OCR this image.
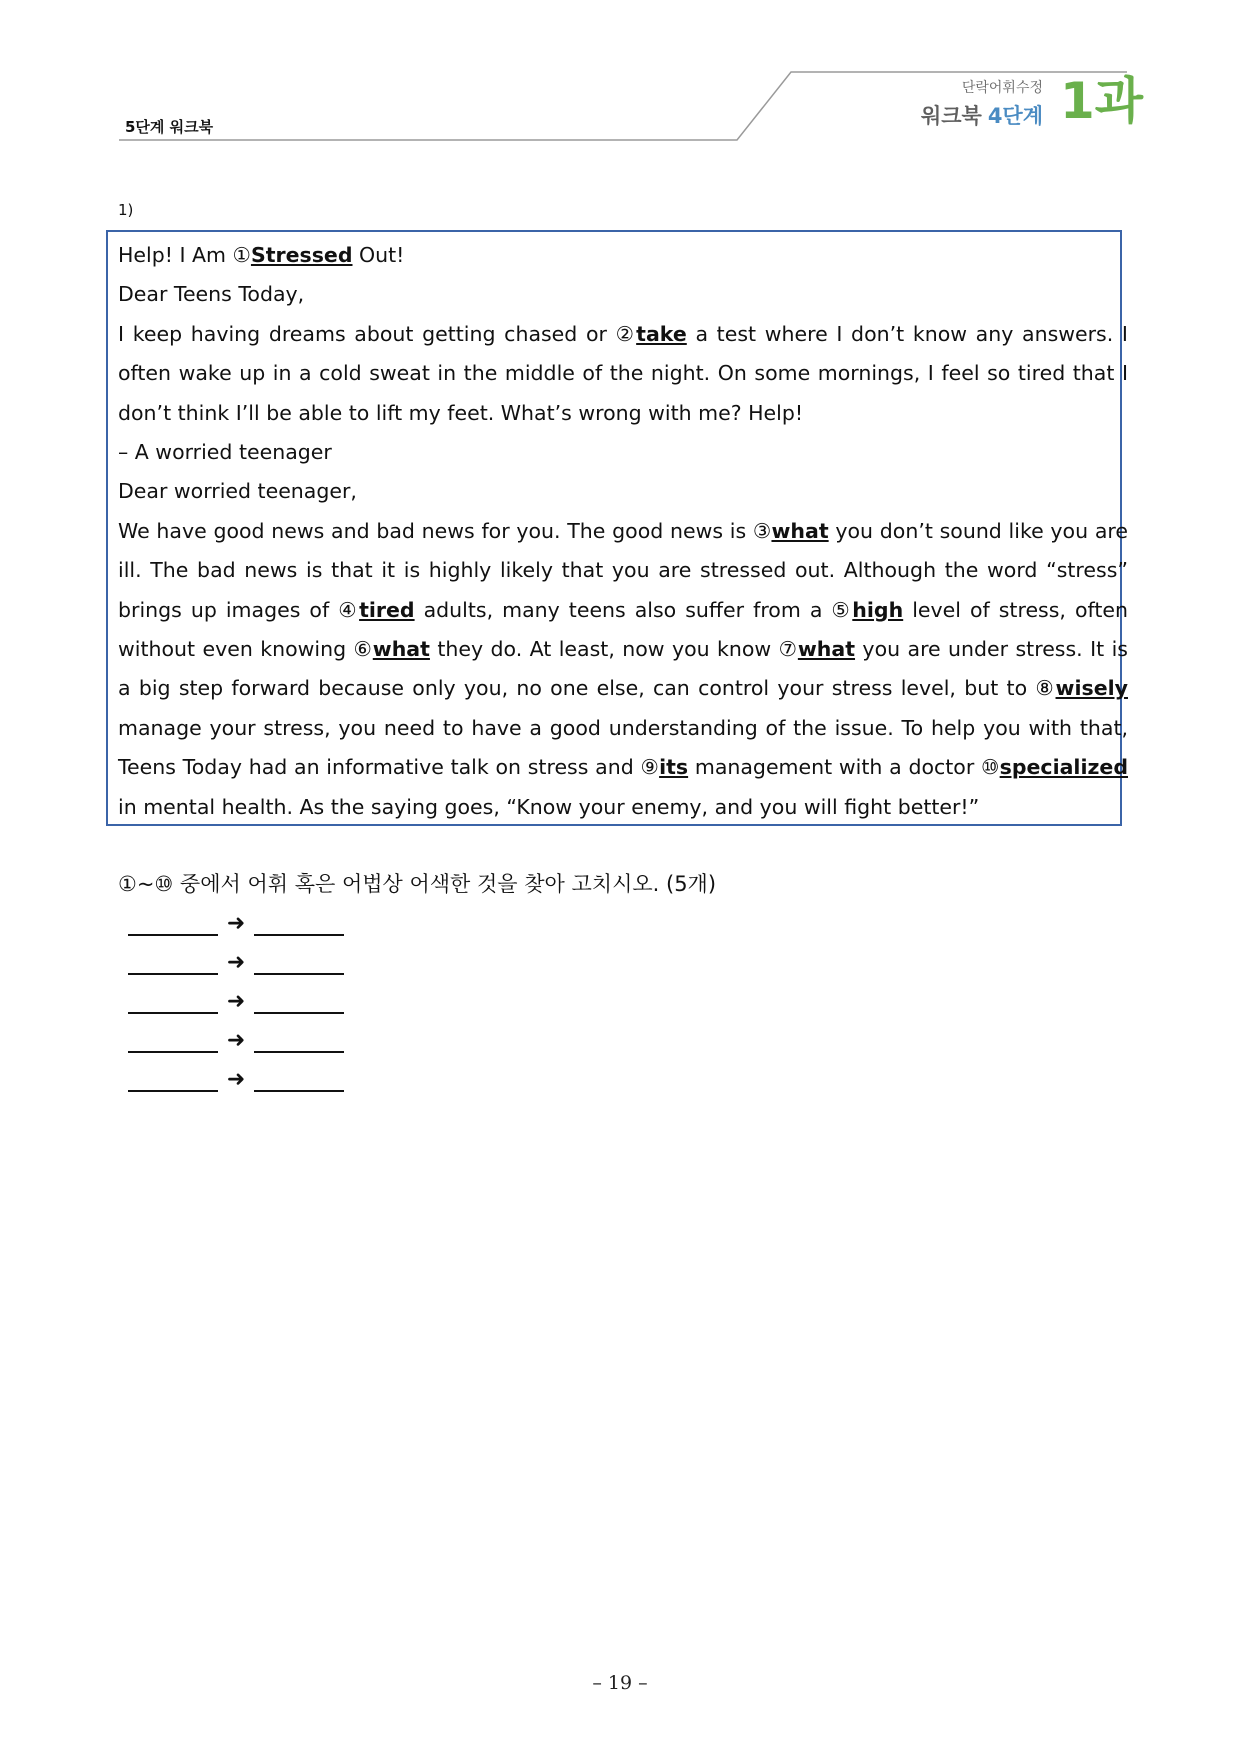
5단계 워크북
단락어휘수정
워크북 4단계 1과
1)

Help! I Am ①Stressed Out!

Dear Teens Today,

I keep having dreams about getting chased or ②take a test where I don’t know any answers. I often wake up in a cold sweat in the middle of the night. On some mornings, I feel so tired that I don’t think I’ll be able to lift my feet. What’s wrong with me? Help!

– A worried teenager

Dear worried teenager,

We have good news and bad news for you. The good news is ③what you don’t sound like you are ill. The bad news is that it is highly likely that you are stressed out. Although the word “stress” brings up images of ④tired adults, many teens also suffer from a ⑤high level of stress, often without even knowing ⑥what they do. At least, now you know ⑦what you are under stress. It is a big step forward because only you, no one else, can control your stress level, but to ⑧wisely manage your stress, you need to have a good understanding of the issue. To help you with that, Teens Today had an informative talk on stress and ⑨its management with a doctor ⑩specialized in mental health. As the saying goes, “Know your enemy, and you will fight better!”

①~⑩ 중에서 어휘 혹은 어법상 어색한 것을 찾아 고치시오. (5개)
➜
➜
➜
➜
➜
– 19 –
